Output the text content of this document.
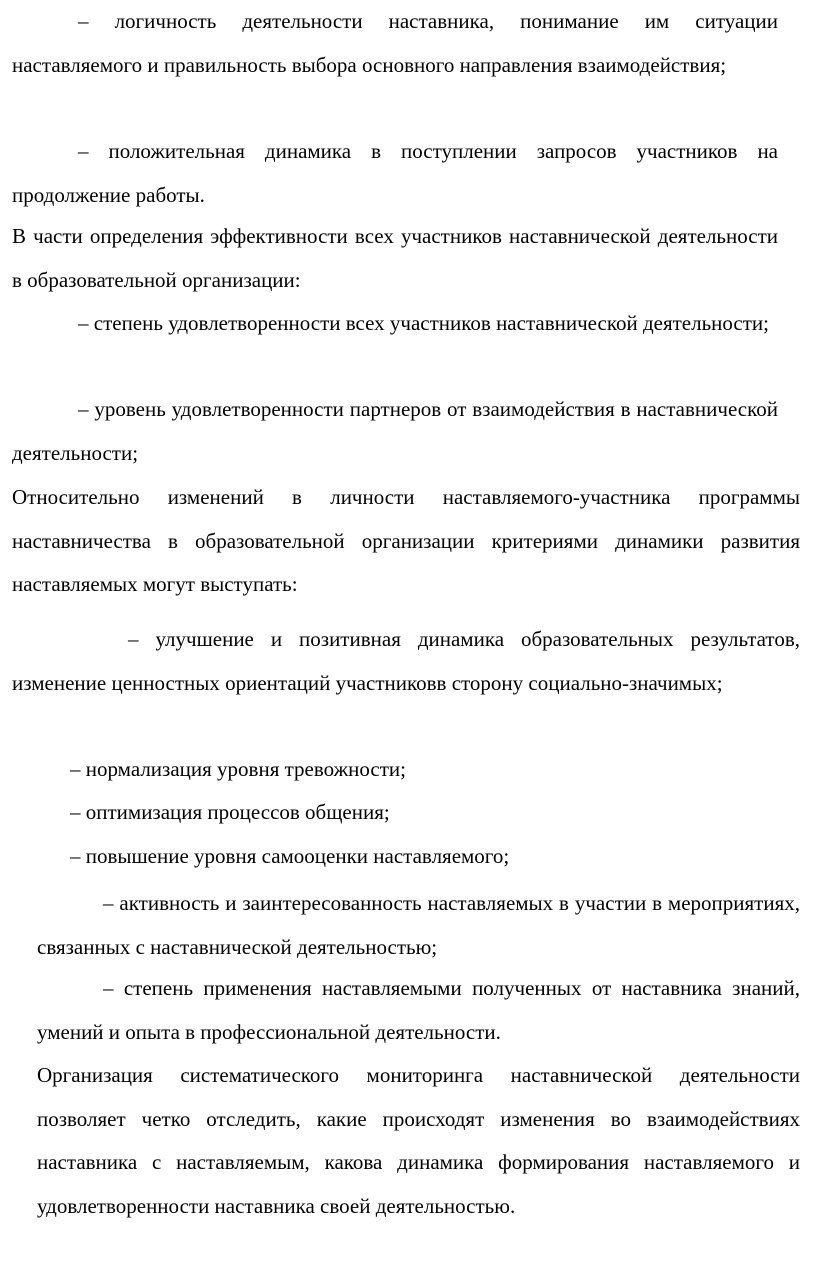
– логичность деятельности наставника, понимание им ситуации наставляемого и правильность выбора основного направления взаимодействия;

– положительная динамика в поступлении запросов участников на продолжение работы.

В части определения эффективности всех участников наставнической деятельности в образовательной организации:

– степень удовлетворенности всех участников наставнической деятельности;

– уровень удовлетворенности партнеров от взаимодействия в наставнической деятельности;

Относительно изменений в личности наставляемого-участника программы наставничества в образовательной организации критериями динамики развития наставляемых могут выступать:

– улучшение и позитивная динамика образовательных результатов, изменение ценностных ориентаций участниковв сторону социально-значимых;

– нормализация уровня тревожности;

– оптимизация процессов общения;

– повышение уровня самооценки наставляемого;

– активность и заинтересованность наставляемых в участии в мероприятиях, связанных с наставнической деятельностью;

– степень применения наставляемыми полученных от наставника знаний, умений и опыта в профессиональной деятельности.

Организация систематического мониторинга наставнической деятельности позволяет четко отследить, какие происходят изменения во взаимодействиях наставника с наставляемым, какова динамика формирования наставляемого и удовлетворенности наставника своей деятельностью.
